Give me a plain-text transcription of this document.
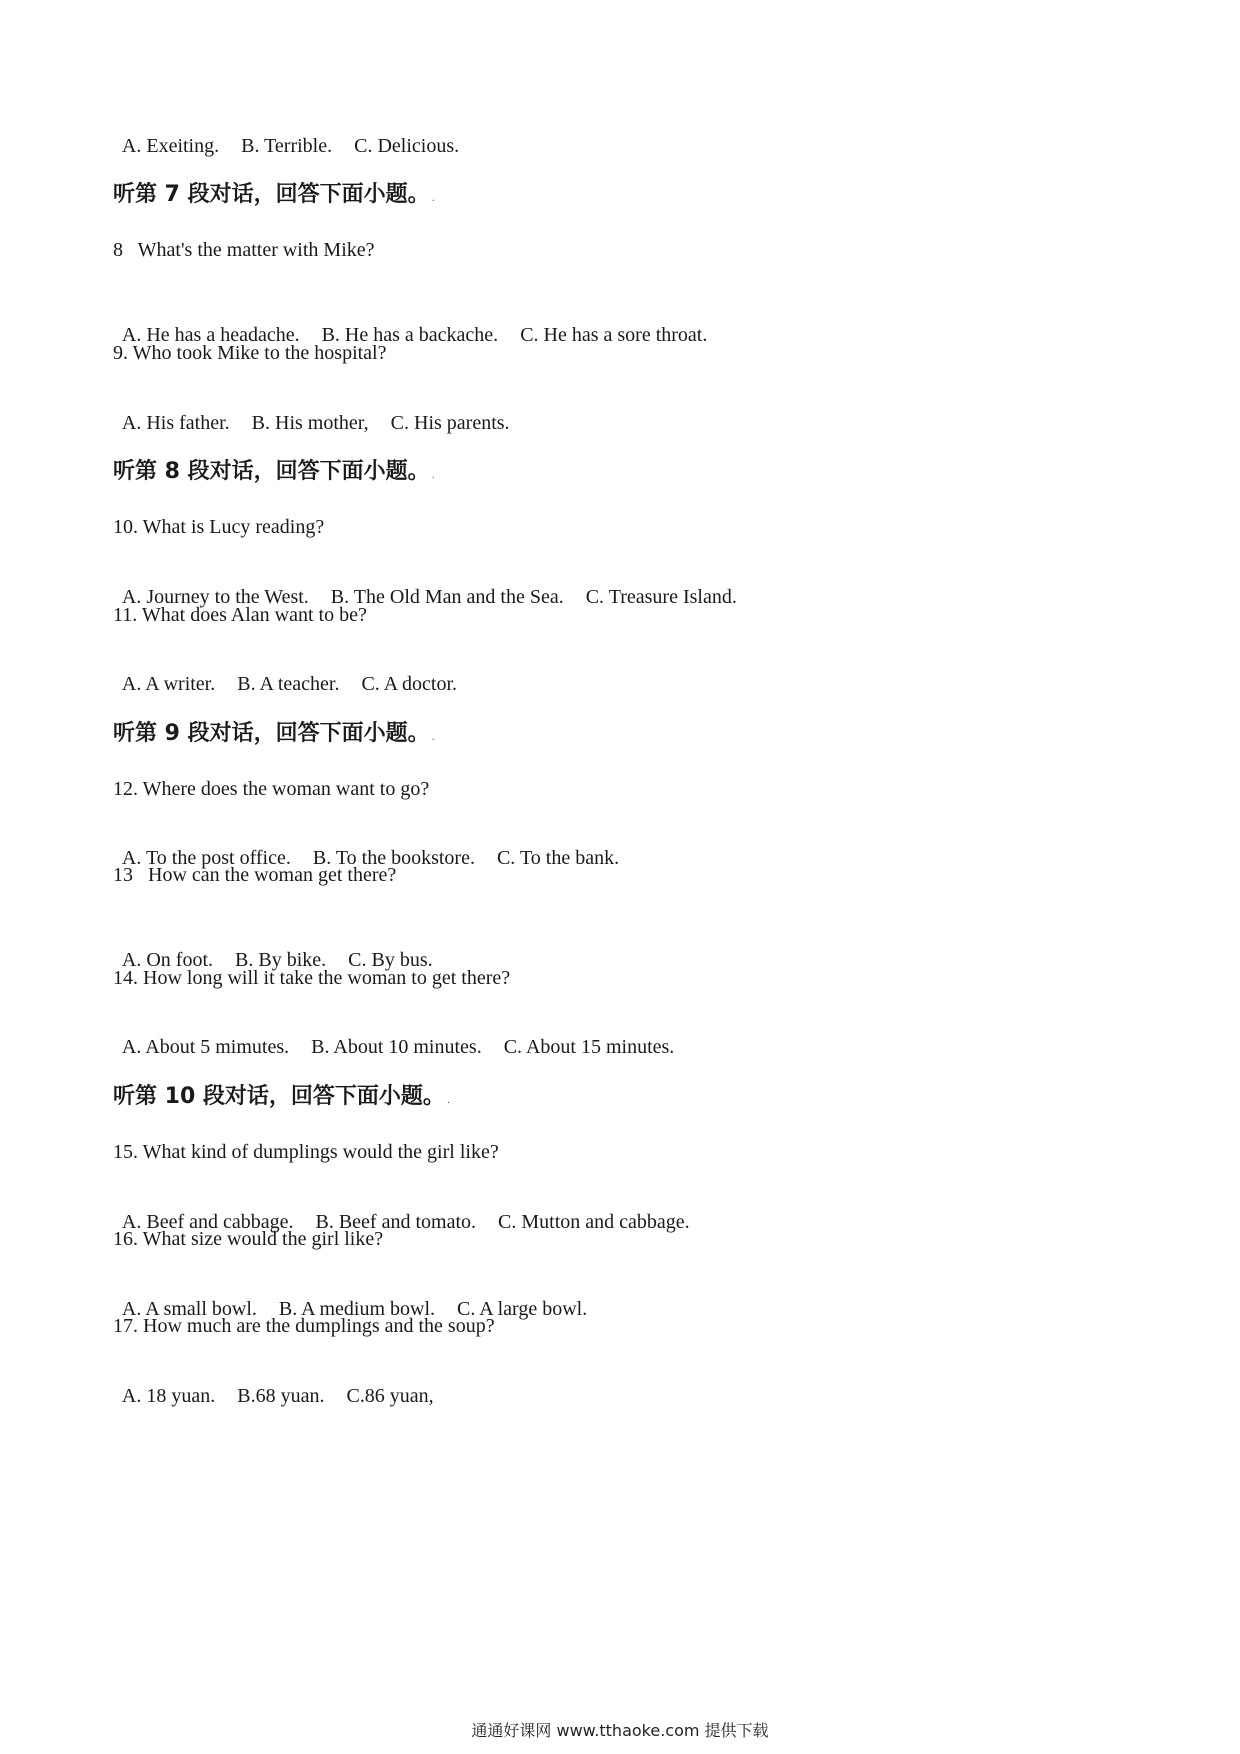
A. Exeiting. B. Terrible. C. Delicious.

听第 7 段对话，回答下面小题。 .
8   What's the matter with Mike?

A. He has a headache. B. He has a backache. C. He has a sore throat.

9. Who took Mike to the hospital?

A. His father. B. His mother, C. His parents.

听第 8 段对话，回答下面小题。 .
10. What is Lucy reading?

A. Journey to the West. B. The Old Man and the Sea. C. Treasure Island.

11. What does Alan want to be?

A. A writer. B. A teacher. C. A doctor.

听第 9 段对话，回答下面小题。 .
12. Where does the woman want to go?

A. To the post office. B. To the bookstore. C. To the bank.

13   How can the woman get there?

A. On foot. B. By bike. C. By bus.

14. How long will it take the woman to get there?

A. About 5 mimutes. B. About 10 minutes. C. About 15 minutes.

听第 10 段对话，回答下面小题。 .
15. What kind of dumplings would the girl like?

A. Beef and cabbage. B. Beef and tomato. C. Mutton and cabbage.

16. What size would the girl like?

A. A small bowl. B. A medium bowl. C. A large bowl.

17. How much are the dumplings and the soup?

A. 18 yuan. B.68 yuan. C.86 yuan,

通通好课网 www.tthaoke.com 提供下载
